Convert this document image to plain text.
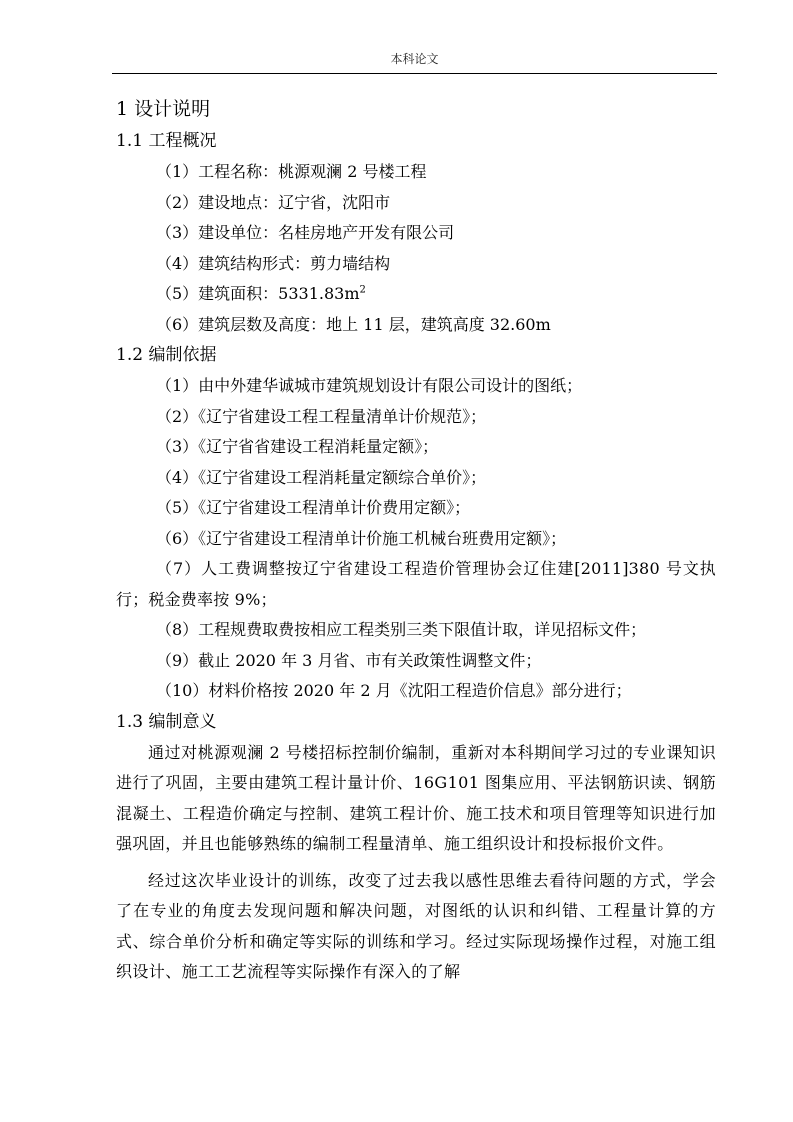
本科论文
1 设计说明
1.1 工程概况
（1）工程名称：桃源观澜 2 号楼工程
（2）建设地点：辽宁省，沈阳市
（3）建设单位：名桂房地产开发有限公司
（4）建筑结构形式：剪力墙结构
（5）建筑面积：$5331.83m^2$
（6）建筑层数及高度：地上 11 层，建筑高度 32.60m
1.2 编制依据
（1）由中外建华诚城市建筑规划设计有限公司设计的图纸；
（2）《辽宁省建设工程工程量清单计价规范》；
（3）《辽宁省省建设工程消耗量定额》；
（4）《辽宁省建设工程消耗量定额综合单价》；
（5）《辽宁省建设工程清单计价费用定额》；
（6）《辽宁省建设工程清单计价施工机械台班费用定额》；
（7）人工费调整按辽宁省建设工程造价管理协会辽住建[2011]380 号文执行；税金费率按 9%；
（8）工程规费取费按相应工程类别三类下限值计取，详见招标文件；
（9）截止 2020 年 3 月省、市有关政策性调整文件；
（10）材料价格按 2020 年 2 月《沈阳工程造价信息》部分进行；
1.3 编制意义

通过对桃源观澜 2 号楼招标控制价编制，重新对本科期间学习过的专业课知识进行了巩固，主要由建筑工程计量计价、16G101 图集应用、平法钢筋识读、钢筋混凝土、工程造价确定与控制、建筑工程计价、施工技术和项目管理等知识进行加强巩固，并且也能够熟练的编制工程量清单、施工组织设计和投标报价文件。

经过这次毕业设计的训练，改变了过去我以感性思维去看待问题的方式，学会了在专业的角度去发现问题和解决问题，对图纸的认识和纠错、工程量计算的方式、综合单价分析和确定等实际的训练和学习。经过实际现场操作过程，对施工组织设计、施工工艺流程等实际操作有深入的了解
